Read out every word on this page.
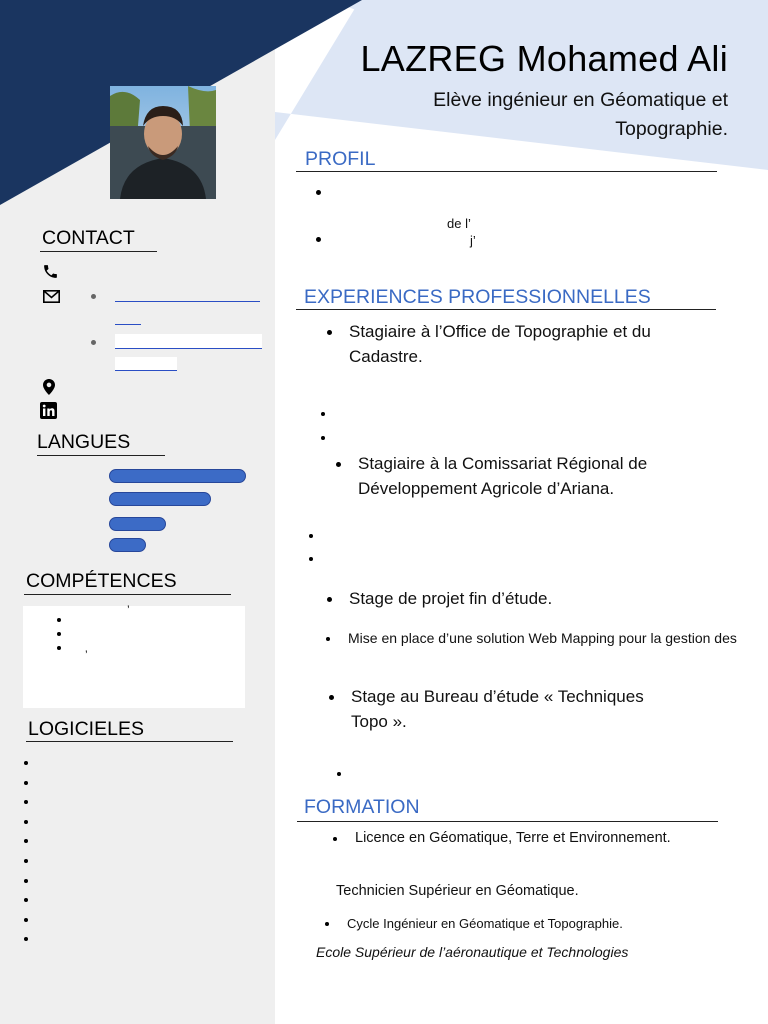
LAZREG Mohamed Ali
Elève ingénieur en Géomatique et Topographie.
CONTACT
LANGUES
COMPÉTENCES
’
’
LOGICIELES
PROFIL
de l’
j’
EXPERIENCES PROFESSIONNELLES
Stagiaire à l’Office de Topographie et du Cadastre.
Stagiaire à la Comissariat Régional de Développement Agricole d’Ariana.
Stage de projet fin d’étude.
Mise en place d’une solution Web Mapping pour la gestion des
Stage au Bureau d’étude « Techniques Topo ».
FORMATION
Licence en Géomatique, Terre et Environnement.
Technicien Supérieur en Géomatique.
Cycle Ingénieur en Géomatique et Topographie.
Ecole Supérieur de l’aéronautique et Technologies
